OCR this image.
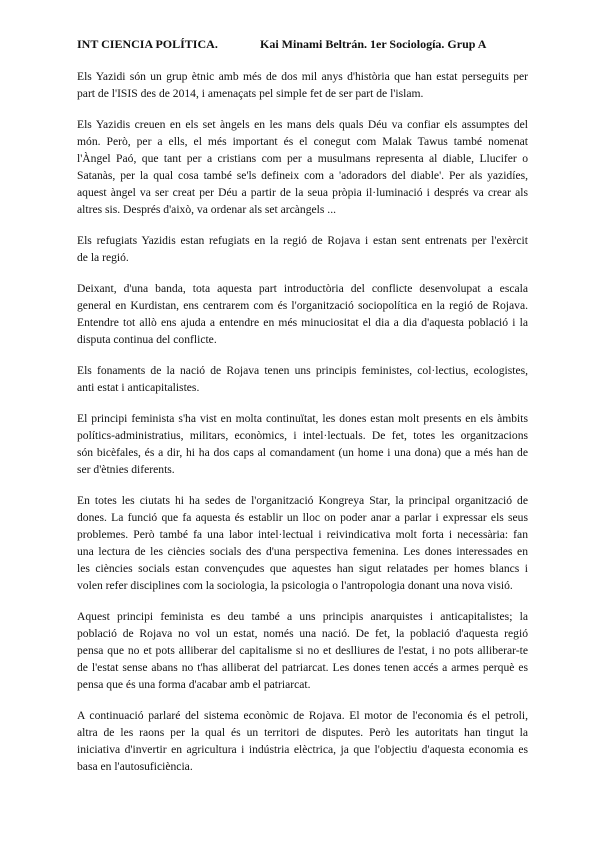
INT CIENCIA POLÍTICA.	Kai Minami Beltrán. 1er Sociología. Grup A
Els Yazidi són un grup ètnic amb més de dos mil anys d'història que han estat perseguits per
part de l'ISIS des de 2014, i amenaçats pel simple fet de ser part de l'islam.
Els Yazidis creuen en els set àngels en les mans dels quals Déu va confiar els assumptes del
món. Però, per a ells, el més important és el conegut com Malak Tawus també nomenat
l'Àngel Paó, que tant per a cristians com per a musulmans representa al diable, Llucifer o
Satanàs, per la qual cosa també se'ls defineix com a 'adoradors del diable'. Per als yazidíes,
aquest àngel va ser creat per Déu a partir de la seua pròpia il·luminació i després va crear als
altres sis. Després d'això, va ordenar als set arcàngels ...
Els refugiats Yazidis estan refugiats en la regió de Rojava i estan sent entrenats per l'exèrcit
de la regió.
Deixant, d'una banda, tota aquesta part introductòria del conflicte desenvolupat a escala
general en Kurdistan, ens centrarem com és l'organització sociopolítica en la regió de Rojava.
Entendre tot allò ens ajuda a entendre en més minuciositat el dia a dia d'aquesta població i la
disputa continua del conflicte.
Els fonaments de la nació de Rojava tenen uns principis feministes, col·lectius, ecologistes,
anti estat i anticapitalistes.
El principi feminista s'ha vist en molta continuïtat, les dones estan molt presents en els àmbits
polítics-administratius, militars, econòmics, i intel·lectuals. De fet, totes les organitzacions
són bicèfales, és a dir, hi ha dos caps al comandament (un home i una dona) que a més han de
ser d'ètnies diferents.
En totes les ciutats hi ha sedes de l'organització Kongreya Star, la principal organització de
dones. La funció que fa aquesta és establir un lloc on poder anar a parlar i expressar els seus
problemes. Però també fa una labor intel·lectual i reivindicativa molt forta i necessària: fan
una lectura de les ciències socials des d'una perspectiva femenina. Les dones interessades en
les ciències socials estan convençudes que aquestes han sigut relatades per homes blancs i
volen refer disciplines com la sociologia, la psicologia o l'antropologia donant una nova visió.
Aquest principi feminista es deu també a uns principis anarquistes i anticapitalistes; la
població de Rojava no vol un estat, només una nació. De fet, la població d'aquesta regió
pensa que no et pots alliberar del capitalisme si no et deslliures de l'estat, i no pots alliberar-te
de l'estat sense abans no t'has alliberat del patriarcat. Les dones tenen accés a armes perquè es
pensa que és una forma d'acabar amb el patriarcat.
A continuació parlaré del sistema econòmic de Rojava. El motor de l'economia és el petroli,
altra de les raons per la qual és un territori de disputes. Però les autoritats han tingut la
iniciativa d'invertir en agricultura i indústria elèctrica, ja que l'objectiu d'aquesta economia es
basa en l'autosuficiència.
